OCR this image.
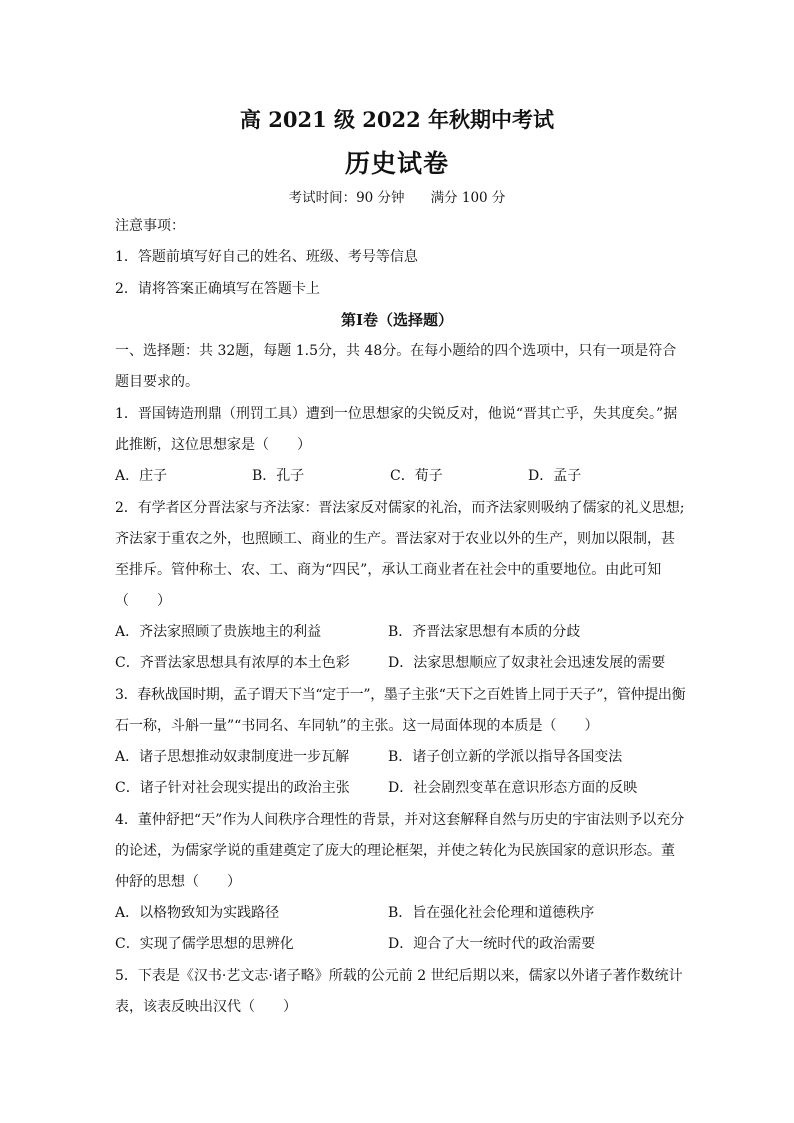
高 2021 级 2022 年秋期中考试
历史试卷
考试时间：90 分钟 满分 100 分
注意事项：
1．答题前填写好自己的姓名、班级、考号等信息
2．请将答案正确填写在答题卡上
第Ⅰ卷（选择题）
一、选择题：共 32题，每题 1.5分，共 48分。在每小题给的四个选项中，只有一项是符合
题目要求的。
1．晋国铸造刑鼎（刑罚工具）遭到一位思想家的尖锐反对，他说“晋其亡乎，失其度矣。”据
此推断，这位思想家是（　　）
A．庄子	B．孔子	C．荀子	D．孟子
2．有学者区分晋法家与齐法家：晋法家反对儒家的礼治，而齐法家则吸纳了儒家的礼义思想;
齐法家于重农之外，也照顾工、商业的生产。晋法家对于农业以外的生产，则加以限制，甚
至排斥。管仲称士、农、工、商为“四民”，承认工商业者在社会中的重要地位。由此可知
（　　）
A．齐法家照顾了贵族地主的利益	B．齐晋法家思想有本质的分歧
C．齐晋法家思想具有浓厚的本土色彩	D．法家思想顺应了奴隶社会迅速发展的需要
3．春秋战国时期，孟子谓天下当“定于一”，墨子主张“天下之百姓皆上同于天子”，管仲提出衡
石一称，斗斛一量”“书同名、车同轨”的主张。这一局面体现的本质是（　　）
A．诸子思想推动奴隶制度进一步瓦解	B．诸子创立新的学派以指导各国变法
C．诸子针对社会现实提出的政治主张	D．社会剧烈变革在意识形态方面的反映
4．董仲舒把“天”作为人间秩序合理性的背景，并对这套解释自然与历史的宇宙法则予以充分
的论述，为儒家学说的重建奠定了庞大的理论框架，并使之转化为民族国家的意识形态。董
仲舒的思想（　　）
A．以格物致知为实践路径	B．旨在强化社会伦理和道德秩序
C．实现了儒学思想的思辨化	D．迎合了大一统时代的政治需要
5．下表是《汉书·艺文志·诸子略》所载的公元前 2 世纪后期以来，儒家以外诸子著作数统计
表，该表反映出汉代（　　）
